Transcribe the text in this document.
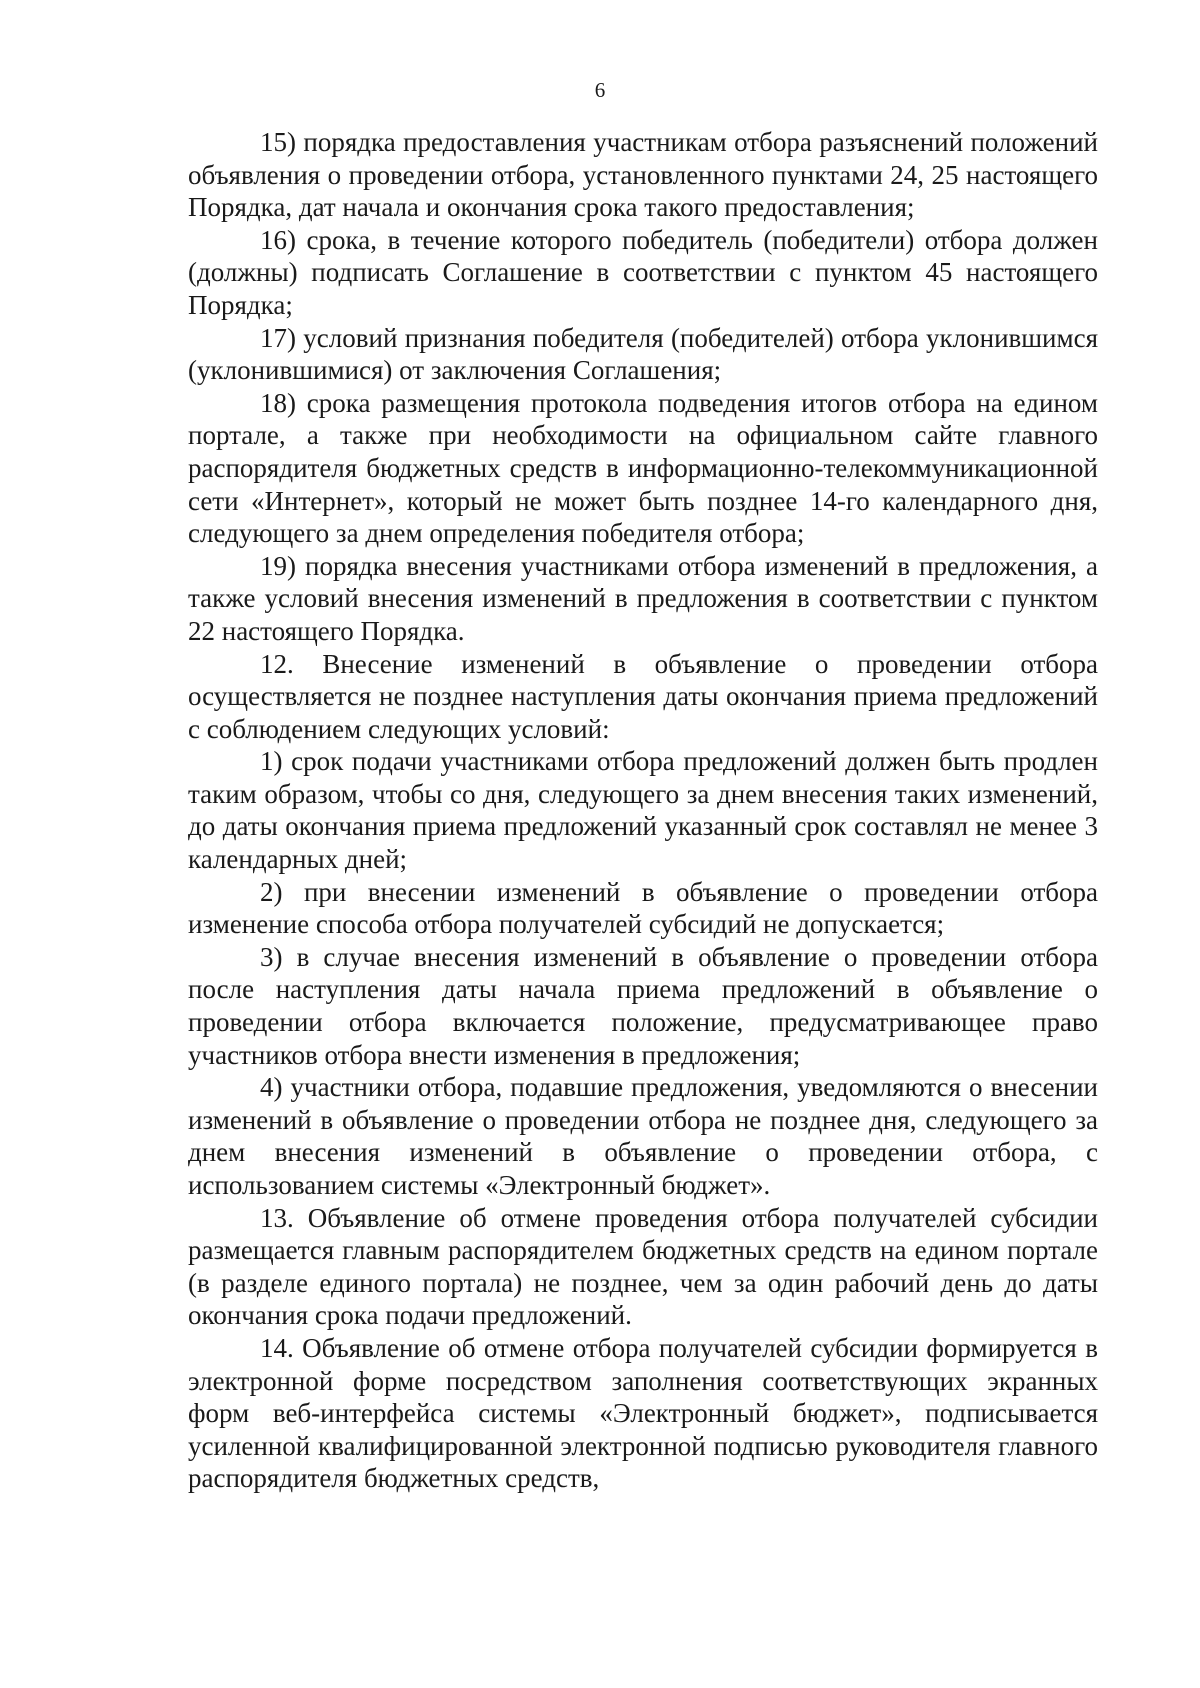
6

15) порядка предоставления участникам отбора разъяснений положений объявления о проведении отбора, установленного пунктами 24, 25 настоящего Порядка, дат начала и окончания срока такого предоставления;

16) срока, в течение которого победитель (победители) отбора должен (должны) подписать Соглашение в соответствии с пунктом 45 настоящего Порядка;

17) условий признания победителя (победителей) отбора уклонившимся (уклонившимися) от заключения Соглашения;

18) срока размещения протокола подведения итогов отбора на едином портале, а также при необходимости на официальном сайте главного распорядителя бюджетных средств в информационно-телекоммуникационной сети «Интернет», который не может быть позднее 14-го календарного дня, следующего за днем определения победителя отбора;

19) порядка внесения участниками отбора изменений в предложения, а также условий внесения изменений в предложения в соответствии с пунктом 22 настоящего Порядка.

12. Внесение изменений в объявление о проведении отбора осуществляется не позднее наступления даты окончания приема предложений с соблюдением следующих условий:

1) срок подачи участниками отбора предложений должен быть продлен таким образом, чтобы со дня, следующего за днем внесения таких изменений, до даты окончания приема предложений указанный срок составлял не менее 3 календарных дней;

2) при внесении изменений в объявление о проведении отбора изменение способа отбора получателей субсидий не допускается;

3) в случае внесения изменений в объявление о проведении отбора после наступления даты начала приема предложений в объявление о проведении отбора включается положение, предусматривающее право участников отбора внести изменения в предложения;

4) участники отбора, подавшие предложения, уведомляются о внесении изменений в объявление о проведении отбора не позднее дня, следующего за днем внесения изменений в объявление о проведении отбора, с использованием системы «Электронный бюджет».

13. Объявление об отмене проведения отбора получателей субсидии размещается главным распорядителем бюджетных средств на едином портале (в разделе единого портала) не позднее, чем за один рабочий день до даты окончания срока подачи предложений.

14. Объявление об отмене отбора получателей субсидии формируется в электронной форме посредством заполнения соответствующих экранных форм веб-интерфейса системы «Электронный бюджет», подписывается усиленной квалифицированной электронной подписью руководителя главного распорядителя бюджетных средств,
